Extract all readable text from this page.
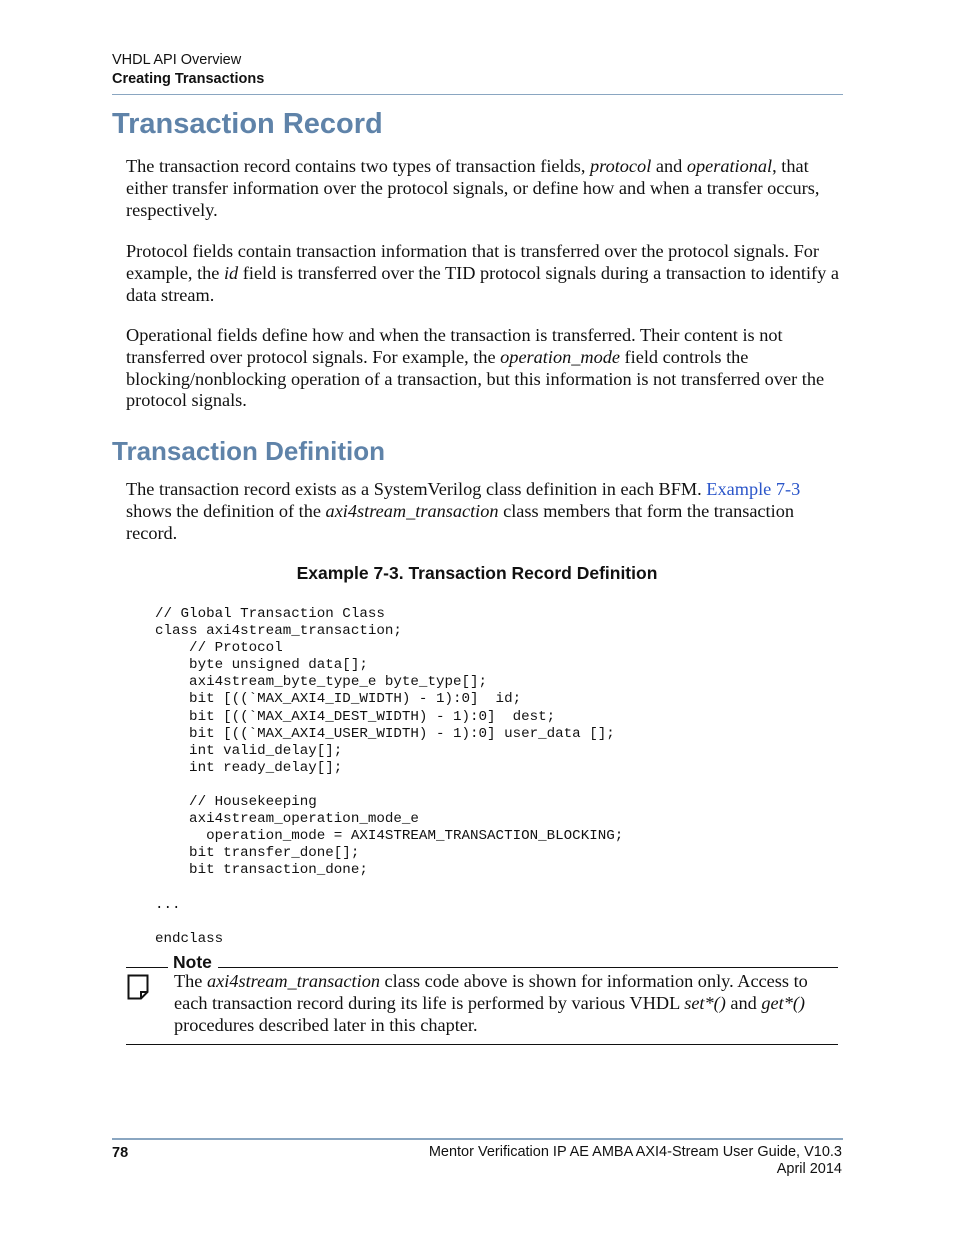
VHDL API Overview
Creating Transactions
Transaction Record

The transaction record contains two types of transaction fields, protocol and operational, that either transfer information over the protocol signals, or define how and when a transfer occurs, respectively.

Protocol fields contain transaction information that is transferred over the protocol signals. For example, the id field is transferred over the TID protocol signals during a transaction to identify a data stream.

Operational fields define how and when the transaction is transferred. Their content is not transferred over protocol signals. For example, the operation_mode field controls the blocking/nonblocking operation of a transaction, but this information is not transferred over the protocol signals.

Transaction Definition

The transaction record exists as a SystemVerilog class definition in each BFM. Example 7-3 shows the definition of the axi4stream_transaction class members that form the transaction record.

Example 7-3. Transaction Record Definition
// Global Transaction Class
class axi4stream_transaction;
// Protocol
byte unsigned data[];
axi4stream_byte_type_e byte_type[];
bit [((`MAX_AXI4_ID_WIDTH) - 1):0]  id;
bit [((`MAX_AXI4_DEST_WIDTH) - 1):0]  dest;
bit [((`MAX_AXI4_USER_WIDTH) - 1):0] user_data [];
int valid_delay[];
int ready_delay[];

// Housekeeping
axi4stream_operation_mode_e
operation_mode = AXI4STREAM_TRANSACTION_BLOCKING;
bit transfer_done[];
bit transaction_done;

...

endclass
Note

The axi4stream_transaction class code above is shown for information only. Access to each transaction record during its life is performed by various VHDL set*() and get*() procedures described later in this chapter.

78	Mentor Verification IP AE AMBA AXI4-Stream User Guide, V10.3
April 2014
